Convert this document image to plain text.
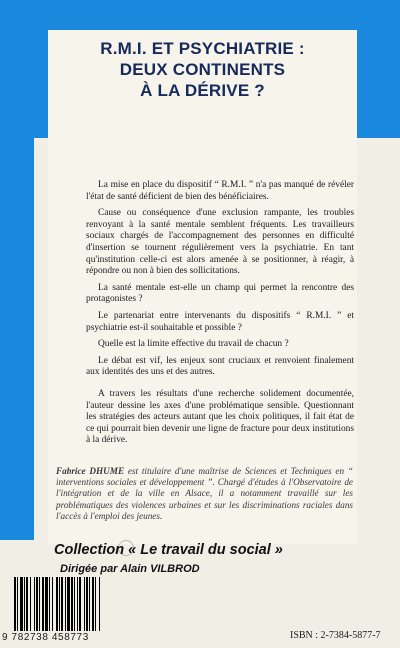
R.M.I. ET PSYCHIATRIE :
DEUX CONTINENTS
À LA DÉRIVE ?

La mise en place du dispositif “ R.M.I. ” n'a pas manqué de révéler l'état de santé déficient de bien des bénéficiaires.

Cause ou conséquence d'une exclusion rampante, les troubles renvoyant à la santé mentale semblent fréquents. Les travailleurs sociaux chargés de l'accompagnement des personnes en difficulté d'insertion se tournent régulièrement vers la psychiatrie. En tant qu'institution celle-ci est alors amenée à se positionner, à réagir, à répondre ou non à bien des sollicitations.

La santé mentale est-elle un champ qui permet la rencontre des protagonistes ?

Le partenariat entre intervenants du dispositifs “ R.M.I. ” et psychiatrie est-il souhaitable et possible ?

Quelle est la limite effective du travail de chacun ?

Le débat est vif, les enjeux sont cruciaux et renvoient finalement aux identités des uns et des autres.

A travers les résultats d'une recherche solidement documentée, l'auteur dessine les axes d'une problématique sensible. Questionnant les stratégies des acteurs autant que les choix politiques, il fait état de ce qui pourrait bien devenir une ligne de fracture pour deux institutions à la dérive.

Fabrice DHUME est titulaire d'une maîtrise de Sciences et Techniques en “ interventions sociales et développement ”. Chargé d'études à l'Observatoire de l'intégration et de la ville en Alsace, il a notamment travaillé sur les problématiques des violences urbaines et sur les discriminations raciales dans l'accès à l'emploi des jeunes.
Collection « Le travail du social »
Dirigée par Alain VILBROD
9 782738 458773	ISBN : 2-7384-5877-7
